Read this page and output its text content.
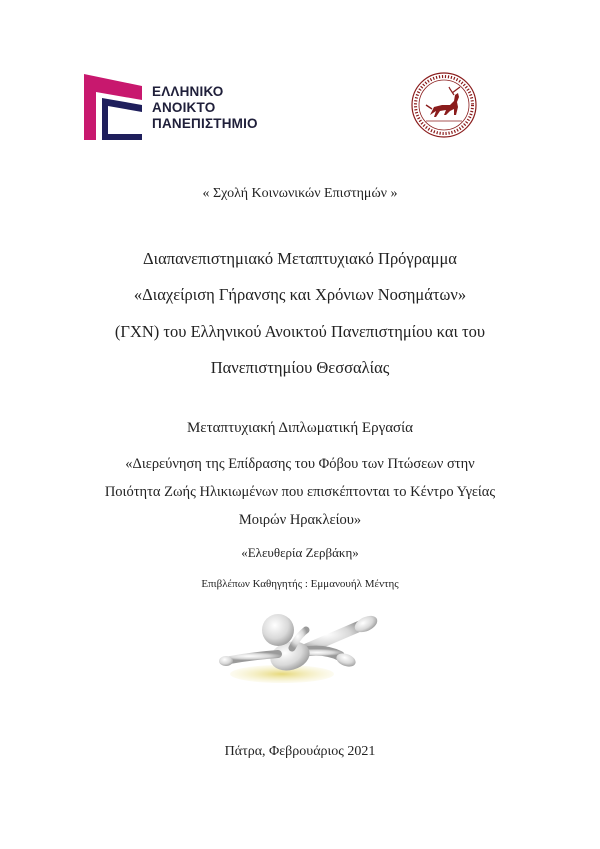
ΕΛΛΗΝΙΚΟ
ΑΝΟΙΚΤΟ
ΠΑΝΕΠΙΣΤΗΜΙΟ
« Σχολή Κοινωνικών Επιστημών »
Διαπανεπιστημιακό Μεταπτυχιακό Πρόγραμμα
«Διαχείριση Γήρανσης και Χρόνιων Νοσημάτων»
(ΓΧΝ) του Ελληνικού Ανοικτού Πανεπιστημίου και του
Πανεπιστημίου Θεσσαλίας
Μεταπτυχιακή Διπλωματική Εργασία
«Διερεύνηση της Επίδρασης του Φόβου των Πτώσεων στην
Ποιότητα Ζωής Ηλικιωμένων που επισκέπτονται το Κέντρο Υγείας
Μοιρών Ηρακλείου»
«Ελευθερία Ζερβάκη»
Επιβλέπων Καθηγητής : Εμμανουήλ Μέντης
Πάτρα, Φεβρουάριος 2021
